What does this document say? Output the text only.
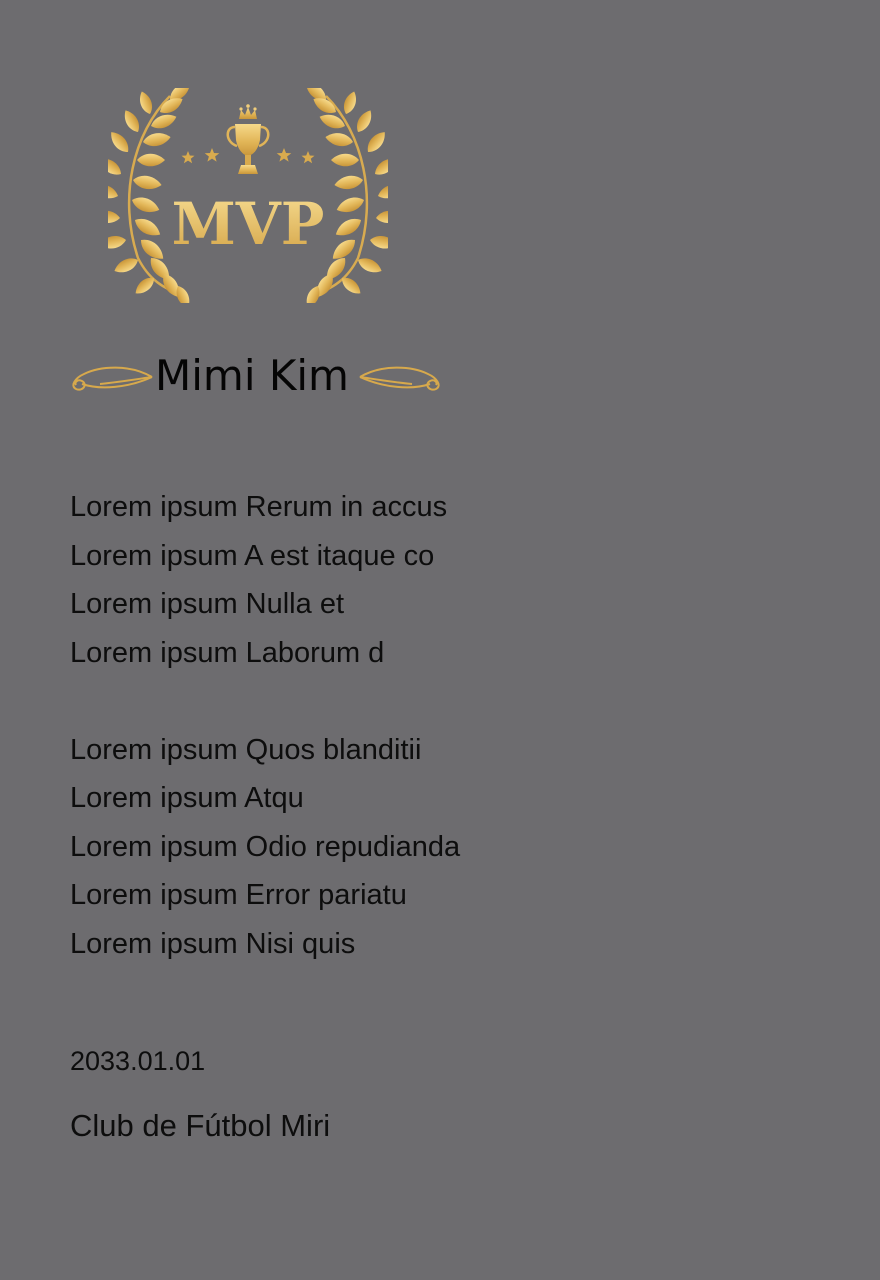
MVP
Mimi Kim
Lorem ipsum Rerum in accus
Lorem ipsum A est itaque co
Lorem ipsum Nulla et
Lorem ipsum Laborum d
Lorem ipsum Quos blanditii
Lorem ipsum Atqu
Lorem ipsum Odio repudianda
Lorem ipsum Error pariatu
Lorem ipsum Nisi quis
2033.01.01
Club de Fútbol Miri
